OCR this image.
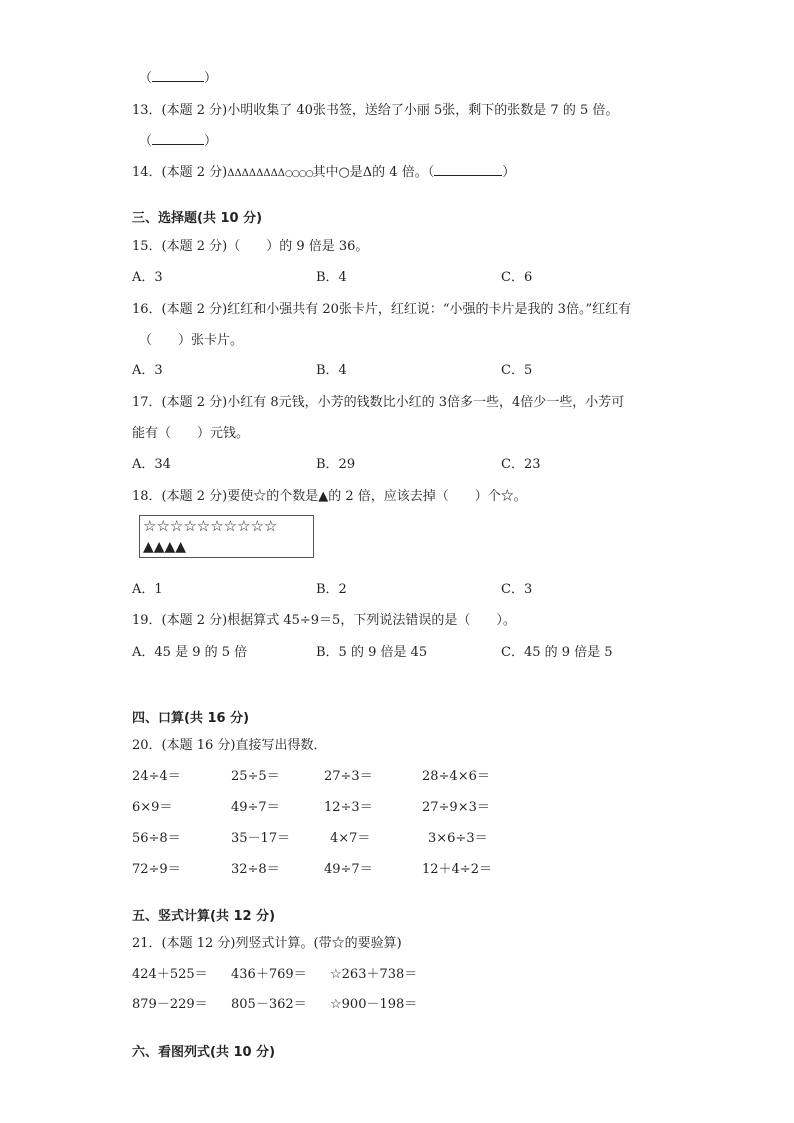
（	）
13．(本题 2 分)小明收集了 40张书签，送给了小丽 5张，剩下的张数是 7 的 5 倍。
（	）
14．(本题 2 分)ΔΔΔΔΔΔΔΔ○○○○其中○是Δ的 4 倍。（	）
三、选择题(共 10 分)
15．(本题 2 分)（　　）的 9 倍是 36。
A．3	B．4	C．6
16．(本题 2 分)红红和小强共有 20张卡片，红红说：“小强的卡片是我的 3倍。”红红有
（　　）张卡片。
A．3	B．4	C．5
17．(本题 2 分)小红有 8元钱，小芳的钱数比小红的 3倍多一些，4倍少一些，小芳可
能有（　　）元钱。
A．34	B．29	C．23
18．(本题 2 分)要使☆的个数是▲的 2 倍，应该去掉（　　）个☆。
☆☆☆☆☆☆☆☆☆☆
▲▲▲▲
A．1	B．2	C．3
19．(本题 2 分)根据算式 45÷9＝5，下列说法错误的是（　　）。
A．45 是 9 的 5 倍	B．5 的 9 倍是 45	C．45 的 9 倍是 5
四、口算(共 16 分)
20．(本题 16 分)直接写出得数．
24÷4＝	25÷5＝	27÷3＝	28÷4×6＝
6×9＝	49÷7＝	12÷3＝	27÷9×3＝
56÷8＝	35－17＝	4×7＝	3×6÷3＝
72÷9＝	32÷8＝	49÷7＝	12＋4÷2＝
五、竖式计算(共 12 分)
21．(本题 12 分)列竖式计算。(带☆的要验算)
424＋525＝ 436＋769＝ ☆263＋738＝
879－229＝ 805－362＝ ☆900－198＝
六、看图列式(共 10 分)
